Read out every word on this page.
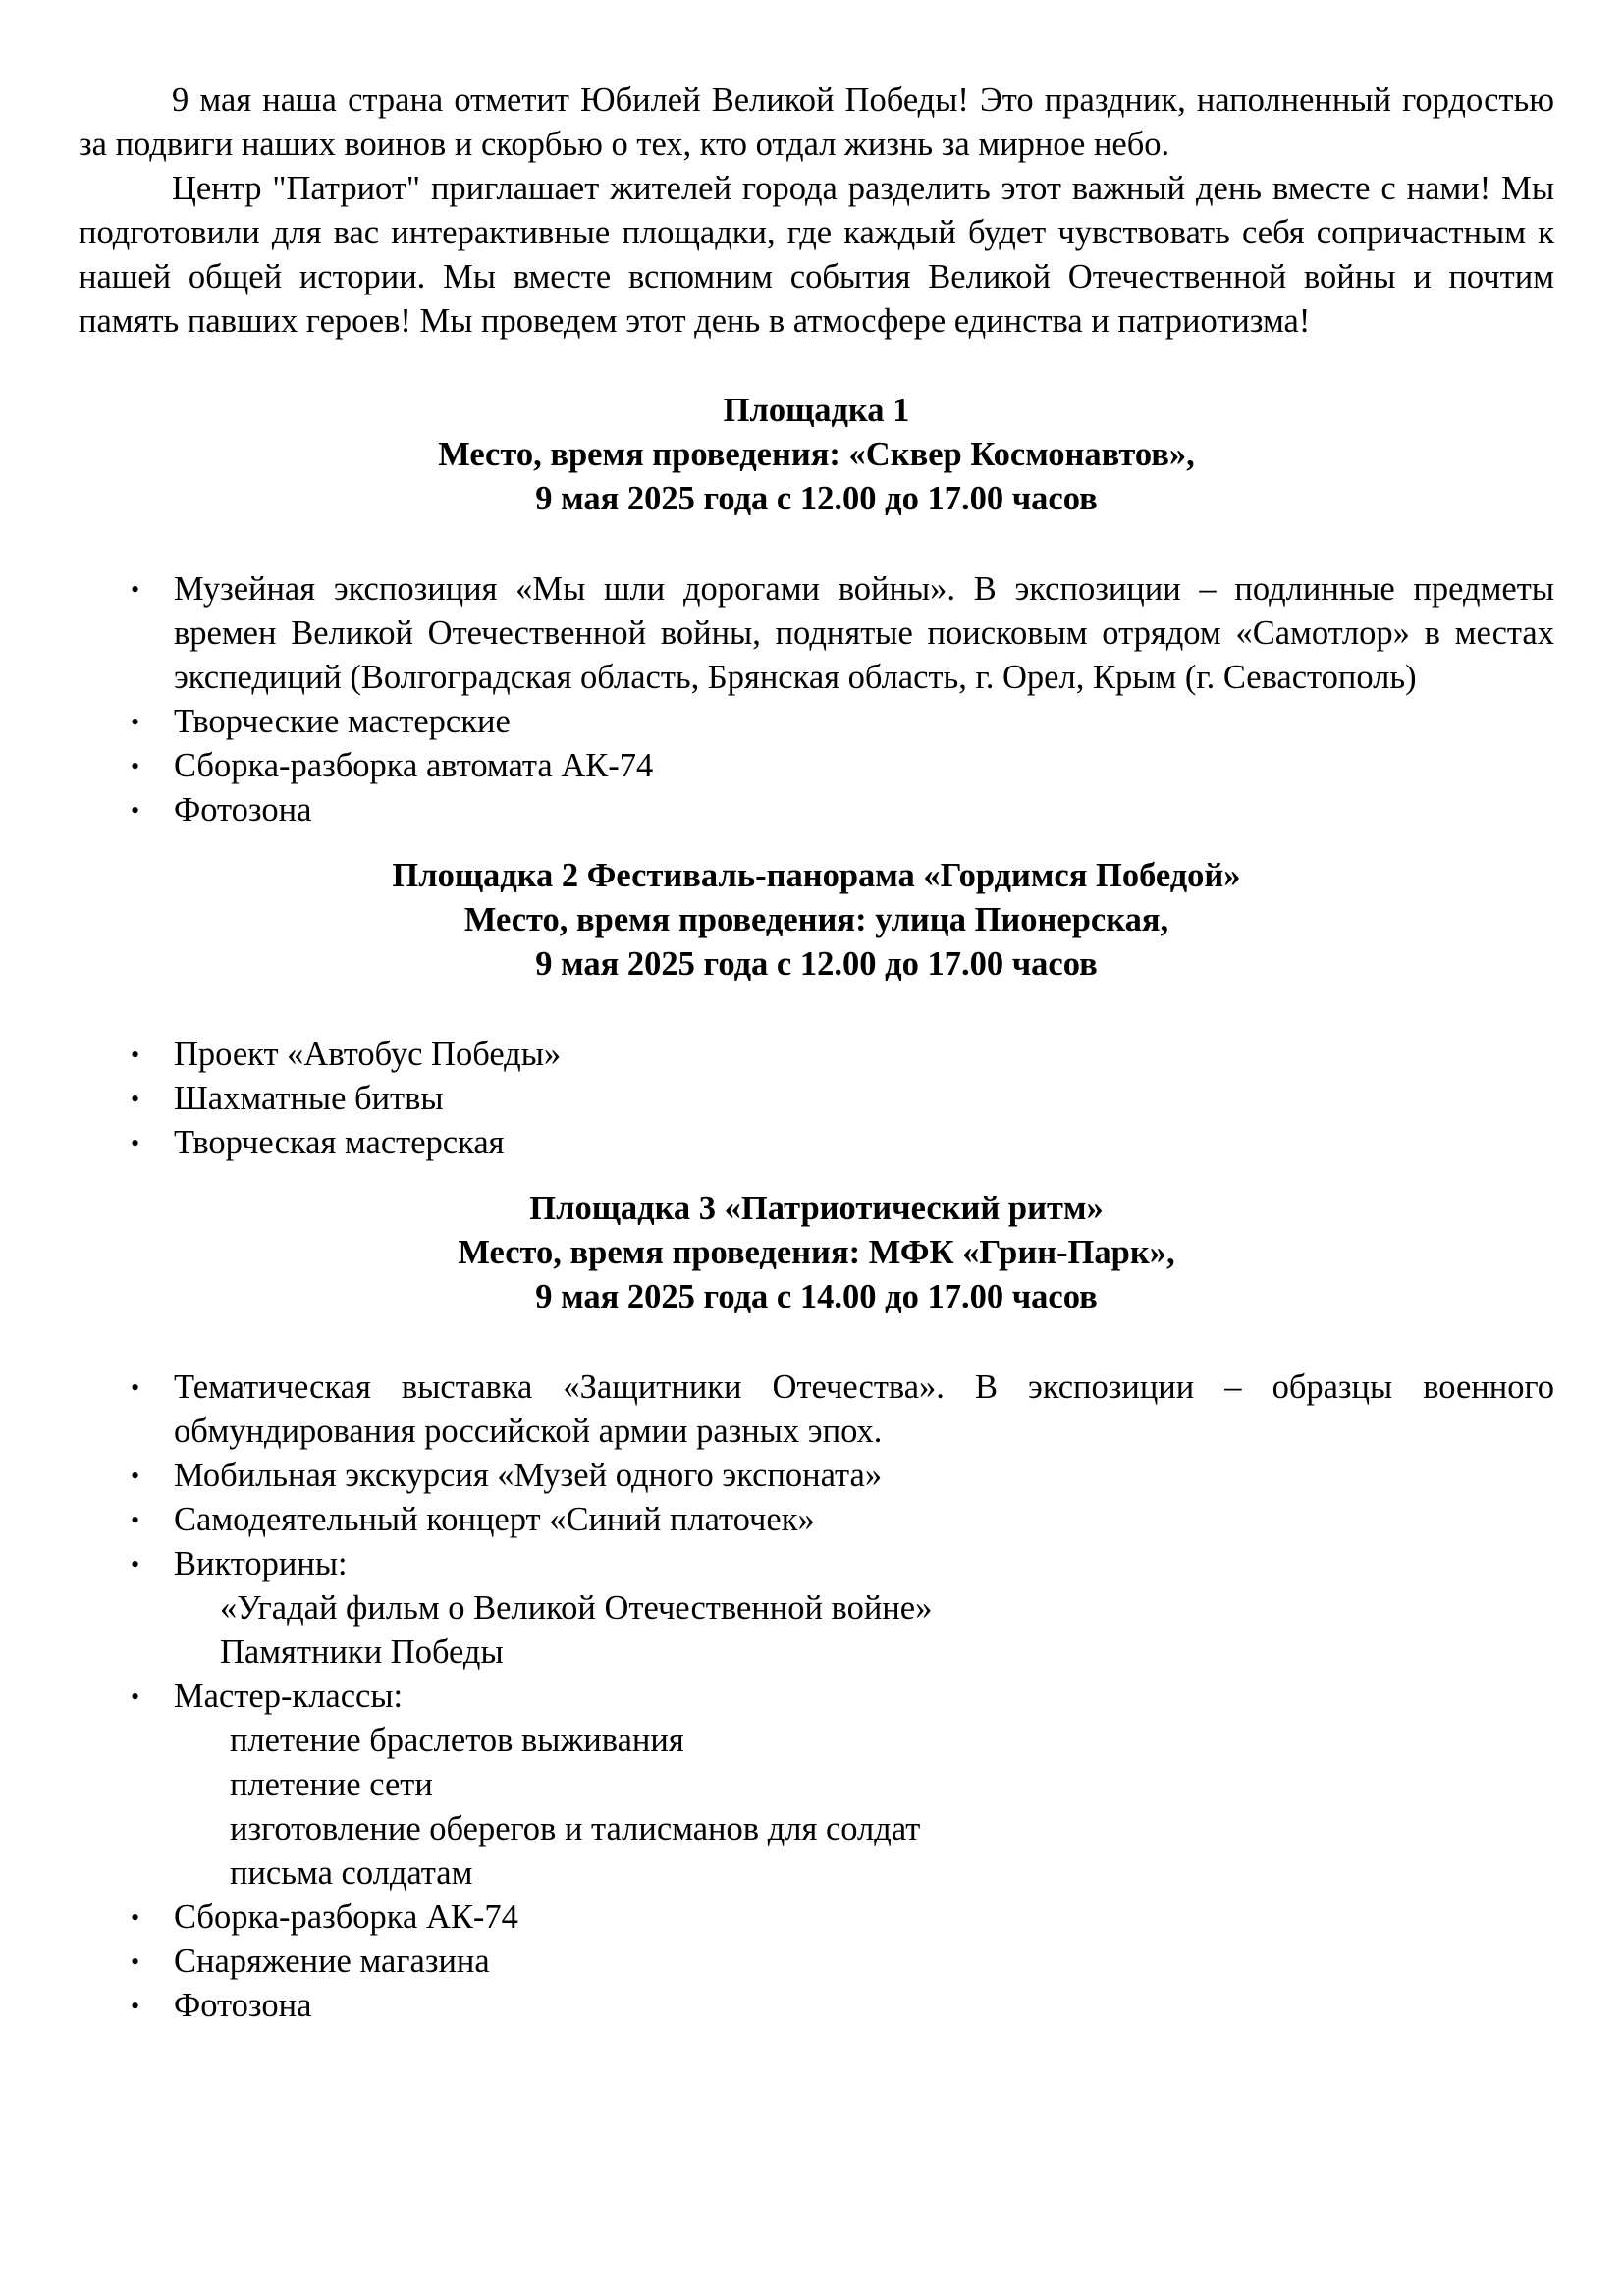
9 мая наша страна отметит Юбилей Великой Победы! Это праздник, наполненный гордостью за подвиги наших воинов и скорбью о тех, кто отдал жизнь за мирное небо.

Центр "Патриот" приглашает жителей города разделить этот важный день вместе с нами! Мы подготовили для вас интерактивные площадки, где каждый будет чувствовать себя сопричастным к нашей общей истории. Мы вместе вспомним события Великой Отечественной войны и почтим память павших героев! Мы проведем этот день в атмосфере единства и патриотизма!

Площадка 1
Место, время проведения: «Сквер Космонавтов»,
9 мая 2025 года с 12.00 до 17.00 часов
• Музейная экспозиция «Мы шли дорогами войны». В экспозиции – подлинные предметы времен Великой Отечественной войны, поднятые поисковым отрядом «Самотлор» в местах экспедиций (Волгоградская область, Брянская область, г. Орел, Крым (г. Севастополь)
• Творческие мастерские
• Сборка-разборка автомата АК-74
• Фотозона
Площадка 2 Фестиваль-панорама «Гордимся Победой»
Место, время проведения: улица Пионерская,
9 мая 2025 года с 12.00 до 17.00 часов
• Проект «Автобус Победы»
• Шахматные битвы
• Творческая мастерская
Площадка 3 «Патриотический ритм»
Место, время проведения: МФК «Грин-Парк»,
9 мая 2025 года с 14.00 до 17.00 часов
• Тематическая выставка «Защитники Отечества». В экспозиции – образцы военного обмундирования российской армии разных эпох.
• Мобильная экскурсия «Музей одного экспоната»
• Самодеятельный концерт «Синий платочек»
• Викторины:
«Угадай фильм о Великой Отечественной войне»
Памятники Победы
• Мастер-классы:
плетение браслетов выживания
плетение сети
изготовление оберегов и талисманов для солдат
письма солдатам
• Сборка-разборка АК-74
• Снаряжение магазина
• Фотозона
